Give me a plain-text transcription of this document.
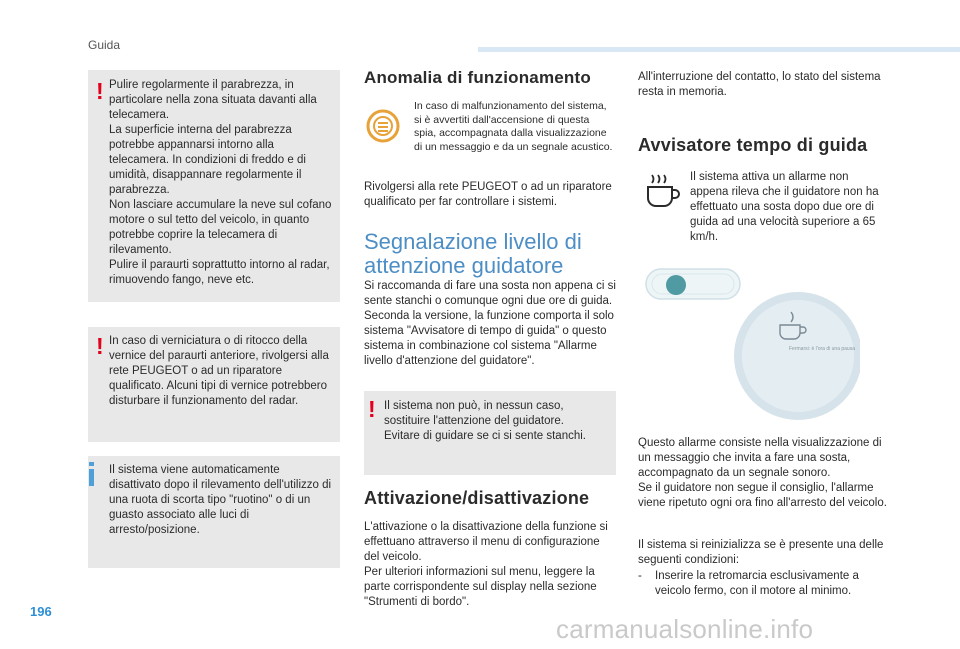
Guida
! Pulire regolarmente il parabrezza, in particolare nella zona situata davanti alla telecamera.
La superficie interna del parabrezza potrebbe appannarsi intorno alla telecamera. In condizioni di freddo e di umidità, disappannare regolarmente il parabrezza.
Non lasciare accumulare la neve sul cofano motore o sul tetto del veicolo, in quanto potrebbe coprire la telecamera di rilevamento.
Pulire il paraurti soprattutto intorno al radar, rimuovendo fango, neve etc.

! In caso di verniciatura o di ritocco della vernice del paraurti anteriore, rivolgersi alla rete PEUGEOT o ad un riparatore qualificato. Alcuni tipi di vernice potrebbero disturbare il funzionamento del radar.

Il sistema viene automaticamente disattivato dopo il rilevamento dell'utilizzo di una ruota di scorta tipo "ruotino" o di un guasto associato alle luci di arresto/posizione.

Anomalia di funzionamento

In caso di malfunzionamento del sistema, si è avvertiti dall'accensione di questa spia, accompagnata dalla visualizzazione di un messaggio e da un segnale acustico.

Rivolgersi alla rete PEUGEOT o ad un riparatore qualificato per far controllare i sistemi.

Segnalazione livello di
attenzione guidatore

Si raccomanda di fare una sosta non appena ci si sente stanchi o comunque ogni due ore di guida.
Seconda la versione, la funzione comporta il solo sistema "Avvisatore di tempo di guida" o questo sistema in combinazione col sistema "Allarme livello d'attenzione del guidatore".

! Il sistema non può, in nessun caso, sostituire l'attenzione del guidatore.
Evitare di guidare se ci si sente stanchi.

Attivazione/disattivazione

L'attivazione o la disattivazione della funzione si effettuano attraverso il menu di configurazione del veicolo.
Per ulteriori informazioni sul menu, leggere la parte corrispondente sul display nella sezione "Strumenti di bordo".

All'interruzione del contatto, lo stato del sistema resta in memoria.

Avvisatore tempo di guida

Il sistema attiva un allarme non appena rileva che il guidatore non ha effettuato una sosta dopo due ore di guida ad una velocità superiore a 65 km/h.

Fermarsi: è l'ora di una pausa

Questo allarme consiste nella visualizzazione di un messaggio che invita a fare una sosta, accompagnato da un segnale sonoro.
Se il guidatore non segue il consiglio, l'allarme viene ripetuto ogni ora fino all'arresto del veicolo.

Il sistema si reinizializza se è presente una delle seguenti condizioni:

- Inserire la retromarcia esclusivamente a veicolo fermo, con il motore al minimo.

196
carmanualsonline.info
